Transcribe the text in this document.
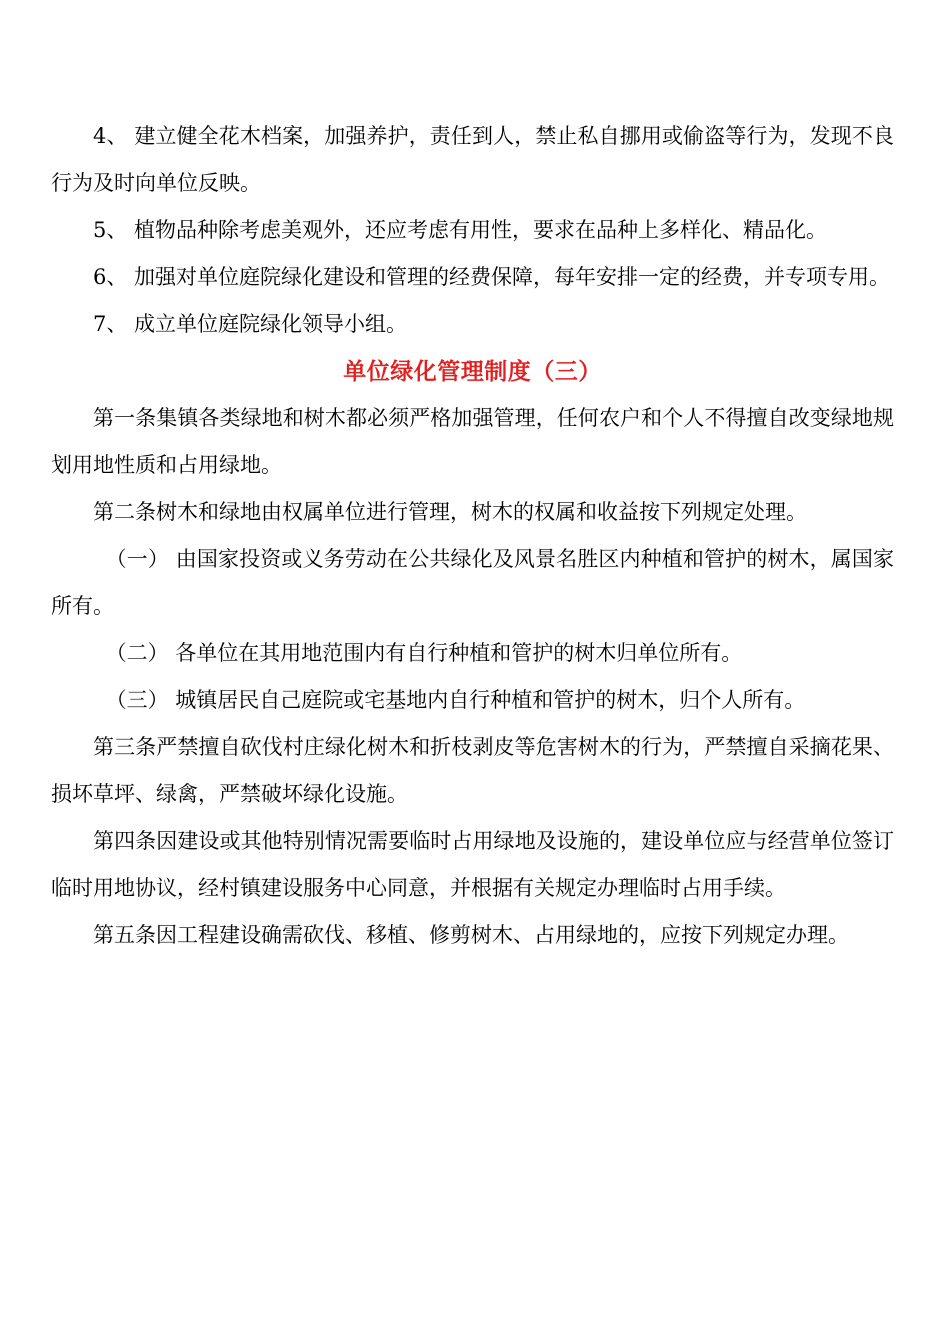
4、 建立健全花木档案，加强养护，责任到人，禁止私自挪用或偷盗等行为，发现不良行为及时向单位反映。

5、 植物品种除考虑美观外，还应考虑有用性，要求在品种上多样化、精品化。

6、 加强对单位庭院绿化建设和管理的经费保障，每年安排一定的经费，并专项专用。

7、 成立单位庭院绿化领导小组。

单位绿化管理制度（三）

第一条集镇各类绿地和树木都必须严格加强管理，任何农户和个人不得擅自改变绿地规划用地性质和占用绿地。

第二条树木和绿地由权属单位进行管理，树木的权属和收益按下列规定处理。

（一） 由国家投资或义务劳动在公共绿化及风景名胜区内种植和管护的树木，属国家所有。

（二） 各单位在其用地范围内有自行种植和管护的树木归单位所有。

（三） 城镇居民自己庭院或宅基地内自行种植和管护的树木，归个人所有。

第三条严禁擅自砍伐村庄绿化树木和折枝剥皮等危害树木的行为，严禁擅自采摘花果、损坏草坪、绿禽，严禁破坏绿化设施。

第四条因建设或其他特别情况需要临时占用绿地及设施的，建设单位应与经营单位签订临时用地协议，经村镇建设服务中心同意，并根据有关规定办理临时占用手续。

第五条因工程建设确需砍伐、移植、修剪树木、占用绿地的，应按下列规定办理。
